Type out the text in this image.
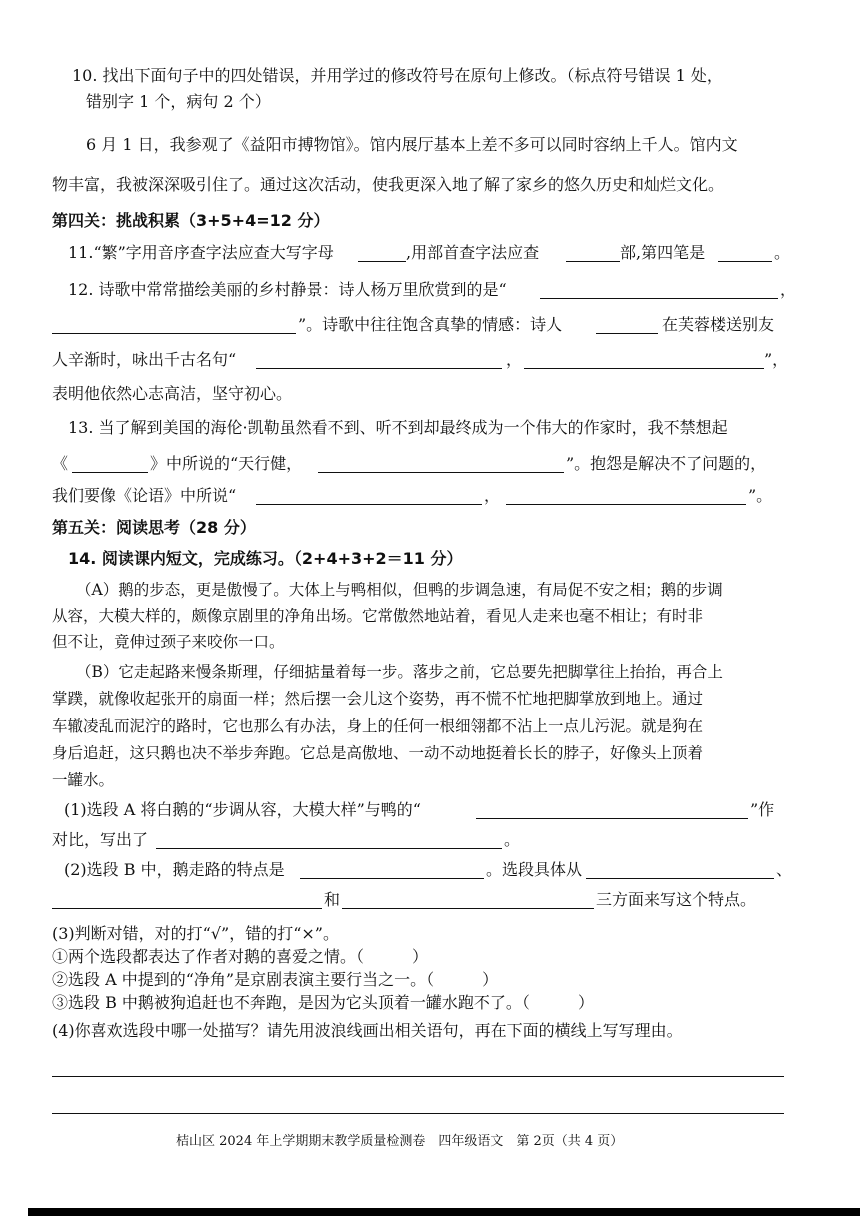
10. 找出下面句子中的四处错误，并用学过的修改符号在原句上修改。（标点符号错误 1 处，
错别字 1 个，病句 2 个）
6 月 1 日，我参观了《益阳市搏物馆》。馆内展厅基本上差不多可以同时容纳上千人。馆内文
物丰富，我被深深吸引住了。通过这次活动，使我更深入地了解了家乡的悠久历史和灿烂文化。
第四关：挑战积累（3+5+4=12 分）
11.“繁”字用音序查字法应查大写字母	,用部首查字法应查	部,第四笔是	。
12. 诗歌中常常描绘美丽的乡村静景：诗人杨万里欣赏到的是“	，
”。诗歌中往往饱含真挚的情感：诗人	在芙蓉楼送别友
人辛渐时，咏出千古名句“	，	”，
表明他依然心志高洁，坚守初心。
13. 当了解到美国的海伦·凯勒虽然看不到、听不到却最终成为一个伟大的作家时，我不禁想起
《	》中所说的“天行健，	”。抱怨是解决不了问题的，
我们要像《论语》中所说“	，	”。
第五关：阅读思考（28 分）
14. 阅读课内短文，完成练习。（2+4+3+2＝11 分）
（A）鹅的步态，更是傲慢了。大体上与鸭相似，但鸭的步调急速，有局促不安之相；鹅的步调
从容，大模大样的，颇像京剧里的净角出场。它常傲然地站着，看见人走来也毫不相让；有时非
但不让，竟伸过颈子来咬你一口。
（B）它走起路来慢条斯理，仔细掂量着每一步。落步之前，它总要先把脚掌往上抬抬，再合上
掌蹼，就像收起张开的扇面一样；然后摆一会儿这个姿势，再不慌不忙地把脚掌放到地上。通过
车辙凌乱而泥泞的路时，它也那么有办法，身上的任何一根细翎都不沾上一点儿污泥。就是狗在
身后追赶，这只鹅也决不举步奔跑。它总是高傲地、一动不动地挺着长长的脖子，好像头上顶着
一罐水。
(1)选段 A 将白鹅的“步调从容，大模大样”与鸭的“	”作
对比，写出了	。
(2)选段 B 中，鹅走路的特点是	。选段具体从	、
和	三方面来写这个特点。
(3)判断对错，对的打“√”，错的打“×”。
①两个选段都表达了作者对鹅的喜爱之情。（	）
②选段 A 中提到的“净角”是京剧表演主要行当之一。（	）
③选段 B 中鹅被狗追赶也不奔跑，是因为它头顶着一罐水跑不了。（	）
(4)你喜欢选段中哪一处描写？请先用波浪线画出相关语句，再在下面的横线上写写理由。
桔山区 2024 年上学期期末教学质量检测卷　四年级语文　第 2页（共 4 页）
